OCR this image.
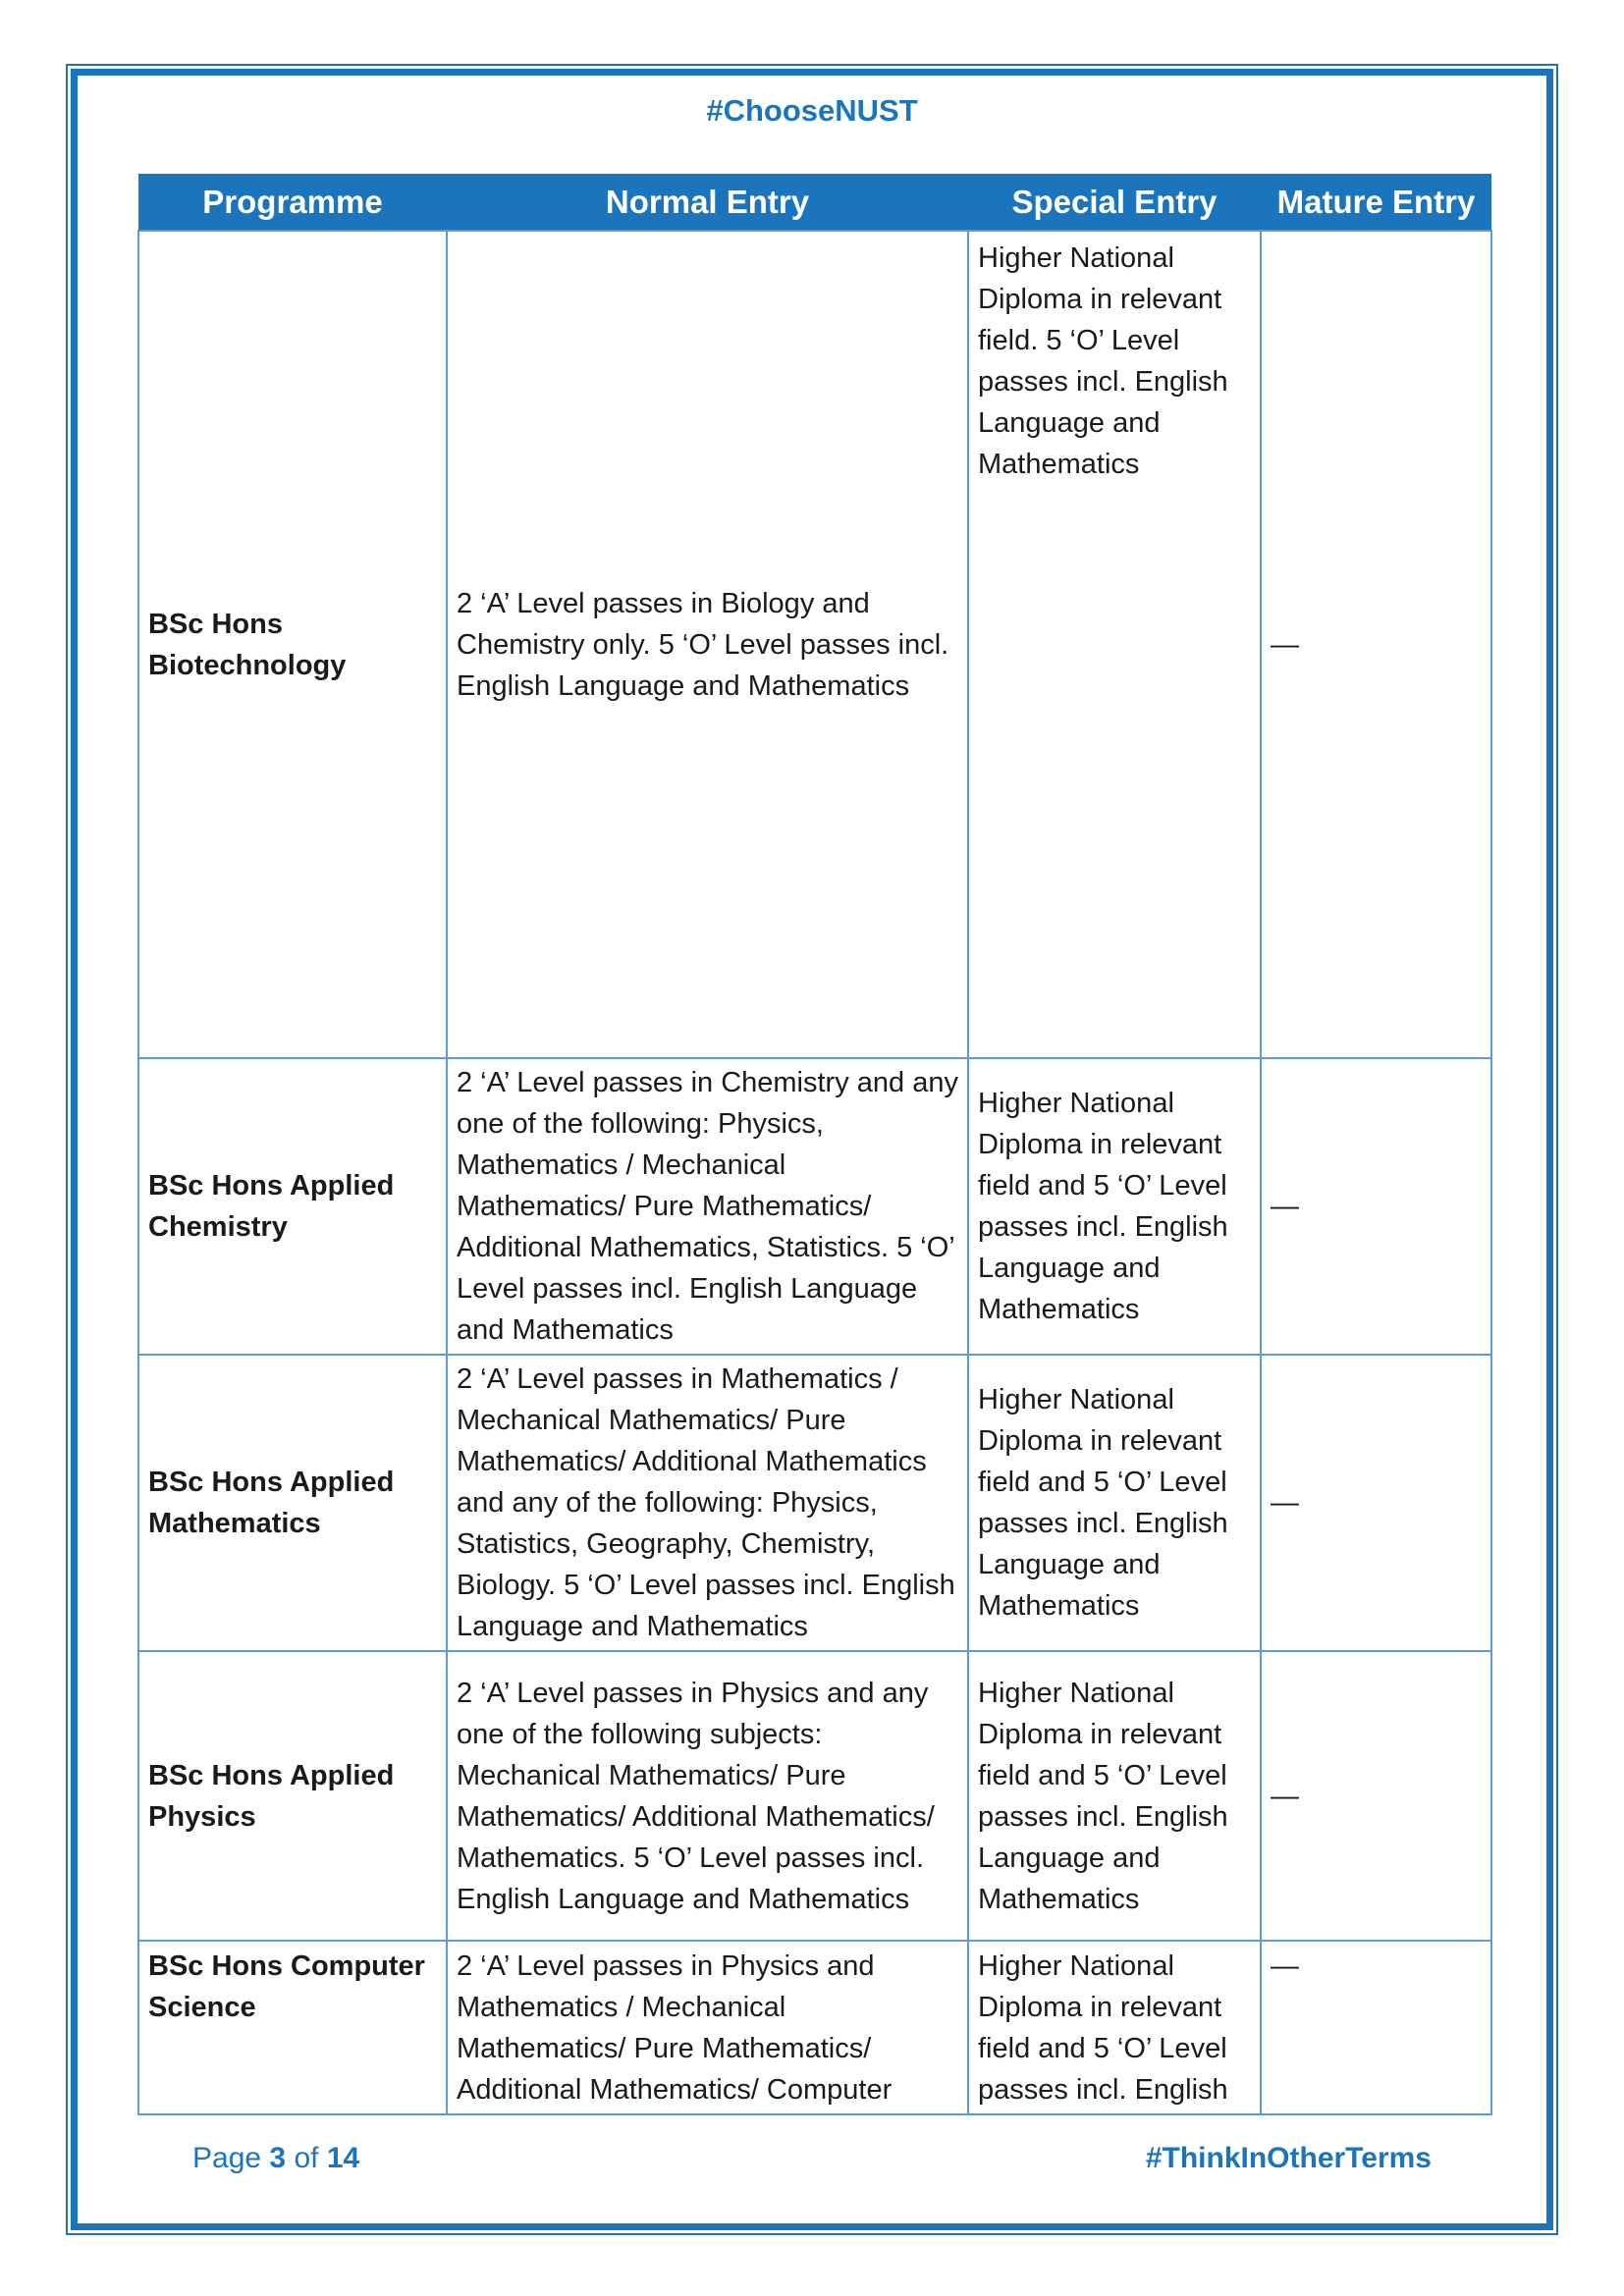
#ChooseNUST
Programme	Normal Entry	Special Entry	Mature Entry
BSc Hons Biotechnology	2 ‘A’ Level passes in Biology and Chemistry only. 5 ‘O’ Level passes incl. English Language and Mathematics	Higher National Diploma in relevant field. 5 ‘O’ Level passes incl. English Language and Mathematics	—
BSc Hons Applied Chemistry	2 ‘A’ Level passes in Chemistry and any one of the following: Physics, Mathematics / Mechanical Mathematics/ Pure Mathematics/ Additional Mathematics, Statistics. 5 ‘O’ Level passes incl. English Language and Mathematics	Higher National Diploma in relevant field and 5 ‘O’ Level passes incl. English Language and Mathematics	—
BSc Hons Applied Mathematics	2 ‘A’ Level passes in Mathematics / Mechanical Mathematics/ Pure Mathematics/ Additional Mathematics and any of the following: Physics, Statistics, Geography, Chemistry, Biology. 5 ‘O’ Level passes incl. English Language and Mathematics	Higher National Diploma in relevant field and 5 ‘O’ Level passes incl. English Language and Mathematics	—
BSc Hons Applied Physics	2 ‘A’ Level passes in Physics and any one of the following subjects: Mechanical Mathematics/ Pure Mathematics/ Additional Mathematics/ Mathematics. 5 ‘O’ Level passes incl. English Language and Mathematics	Higher National Diploma in relevant field and 5 ‘O’ Level passes incl. English Language and Mathematics	—
BSc Hons Computer Science	2 ‘A’ Level passes in Physics and Mathematics / Mechanical Mathematics/ Pure Mathematics/ Additional Mathematics/ Computer	Higher National Diploma in relevant field and 5 ‘O’ Level passes incl. English	—
Page 3 of 14	#ThinkInOtherTerms
